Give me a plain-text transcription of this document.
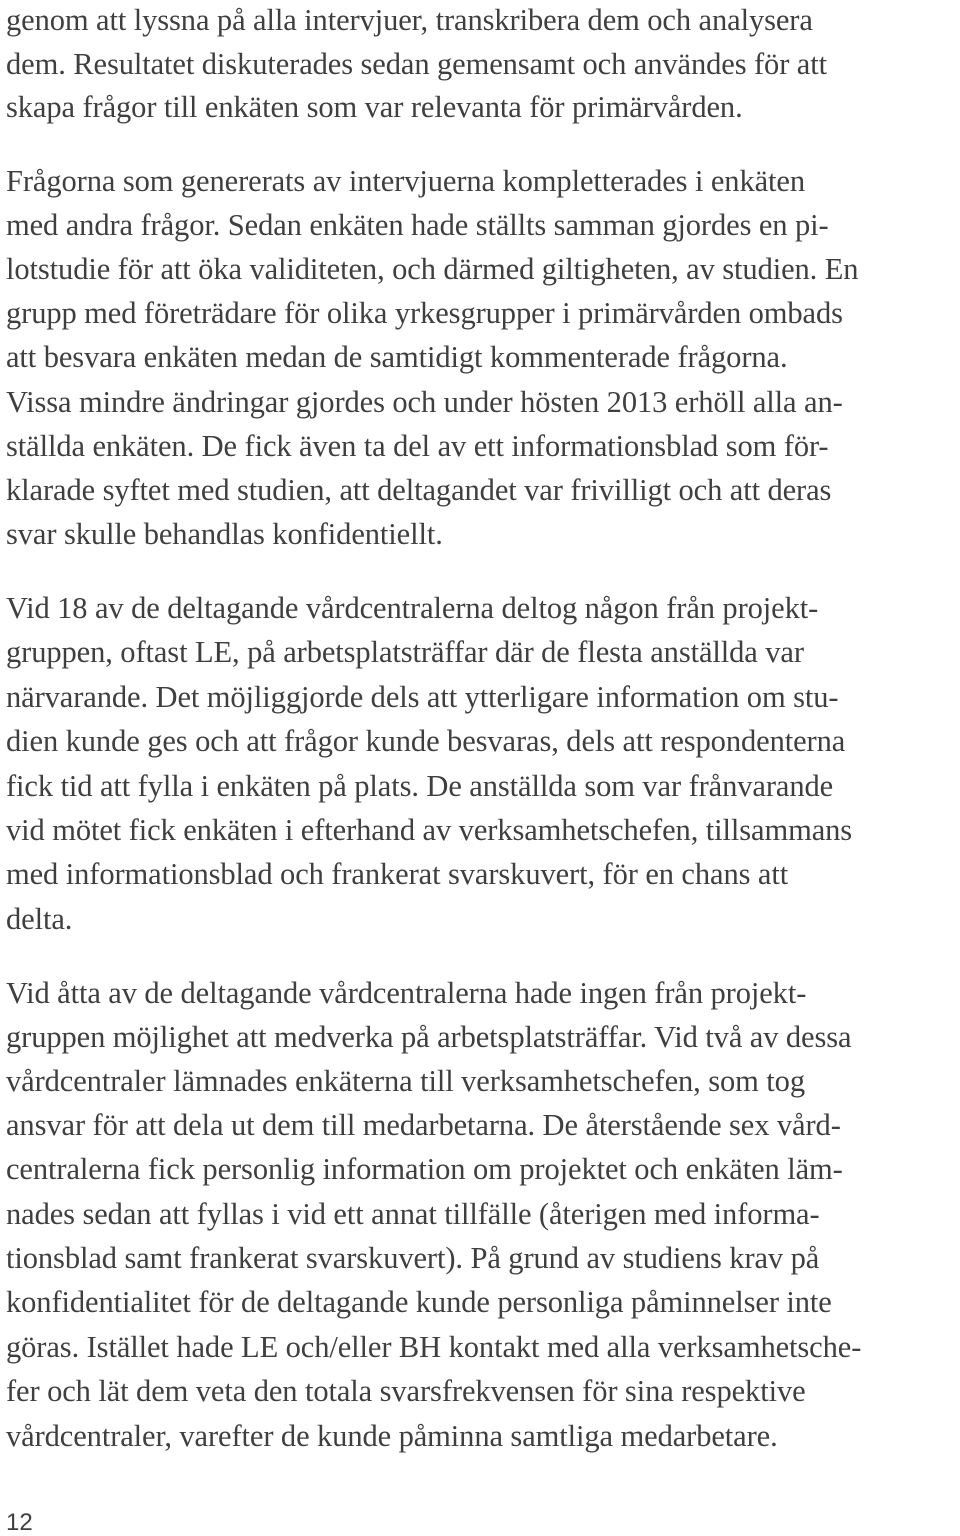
genom att lyssna på alla intervjuer, transkribera dem och analysera

dem. Resultatet diskuterades sedan gemensamt och användes för att

skapa frågor till enkäten som var relevanta för primärvården.

Frågorna som genererats av intervjuerna kompletterades i enkäten

med andra frågor. Sedan enkäten hade ställts samman gjordes en pi-

lotstudie för att öka validiteten, och därmed giltigheten, av studien. En

grupp med företrädare för olika yrkesgrupper i primärvården ombads

att besvara enkäten medan de samtidigt kommenterade frågorna.

Vissa mindre ändringar gjordes och under hösten 2013 erhöll alla an-

ställda enkäten. De fick även ta del av ett informationsblad som för-

klarade syftet med studien, att deltagandet var frivilligt och att deras

svar skulle behandlas konfidentiellt.

Vid 18 av de deltagande vårdcentralerna deltog någon från projekt-

gruppen, oftast LE, på arbetsplatsträffar där de flesta anställda var

närvarande. Det möjliggjorde dels att ytterligare information om stu-

dien kunde ges och att frågor kunde besvaras, dels att respondenterna

fick tid att fylla i enkäten på plats. De anställda som var frånvarande

vid mötet fick enkäten i efterhand av verksamhetschefen, tillsammans

med informationsblad och frankerat svarskuvert, för en chans att

delta.

Vid åtta av de deltagande vårdcentralerna hade ingen från projekt-

gruppen möjlighet att medverka på arbetsplatsträffar. Vid två av dessa

vårdcentraler lämnades enkäterna till verksamhetschefen, som tog

ansvar för att dela ut dem till medarbetarna. De återstående sex vård-

centralerna fick personlig information om projektet och enkäten läm-

nades sedan att fyllas i vid ett annat tillfälle (återigen med informa-

tionsblad samt frankerat svarskuvert). På grund av studiens krav på

konfidentialitet för de deltagande kunde personliga påminnelser inte

göras. Istället hade LE och/eller BH kontakt med alla verksamhetsche-

fer och lät dem veta den totala svarsfrekvensen för sina respektive

vårdcentraler, varefter de kunde påminna samtliga medarbetare.

12
